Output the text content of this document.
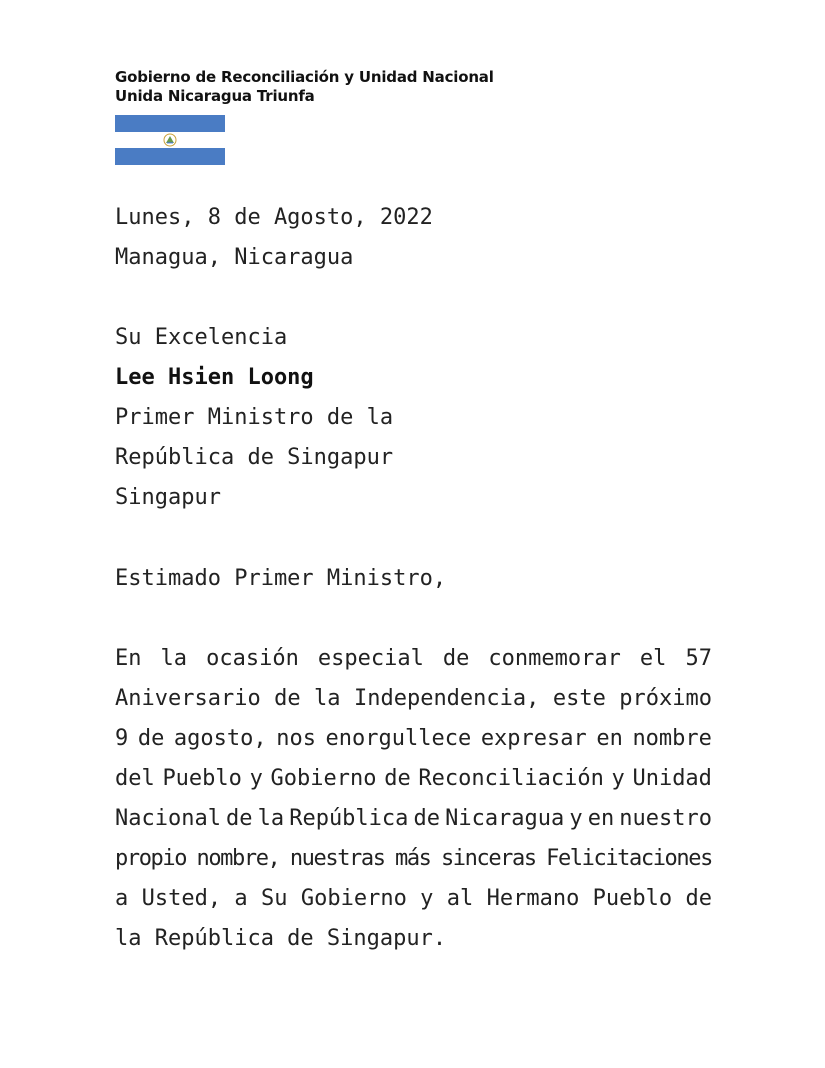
Gobierno de Reconciliación y Unidad Nacional
Unida Nicaragua Triunfa
Lunes, 8 de Agosto, 2022
Managua, Nicaragua
Su Excelencia
Lee Hsien Loong
Primer Ministro de la
República de Singapur
Singapur
Estimado Primer Ministro,
En la ocasión especial de conmemorar el 57
Aniversario de la Independencia, este próximo
9 de agosto, nos enorgullece expresar en nombre
del Pueblo y Gobierno de Reconciliación y Unidad
Nacional de la República de Nicaragua y en nuestro
propio nombre, nuestras más sinceras Felicitaciones
a Usted, a Su Gobierno y al Hermano Pueblo de
la República de Singapur.
